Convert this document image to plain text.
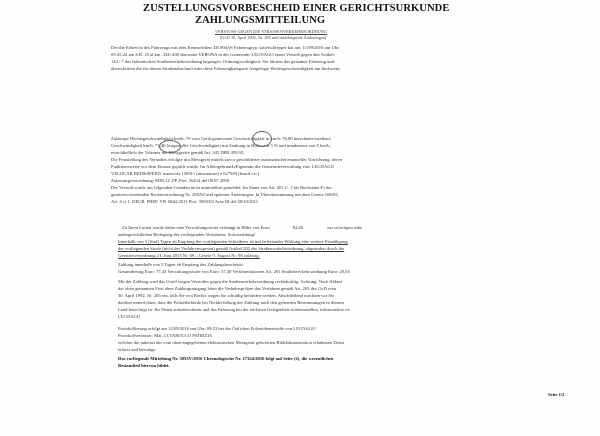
ZUSTELLUNGSVORBESCHEID EINER GERICHTSURKUNDE
ZAHLUNGSMITTEILUNG
VERSTOSS GEGEN DIE STRASSENVERKEHRSORDNUNG
(GvD 30. April 1992, Nr. 285 und nachfolgende Änderungen)
Der/die Fahrer/in des Fahrzeugs mit dem Kennzeichen: DL904AS Fahrzeugtyp: sattelschlepper hat am: 11/09/2016 um Uhr:
09:45:24 am S.R. 10 al km. 334+400 direzione VERONA in der Gemeinde: LEGNAGO einen Verstoß gegen den Artikel:
142 / 7 des Italienischen Straßenverkehrsordnung begangen. Ordnungswidrigkeit: Sie führten das genannte Fahrzeug und
überschritten die für diesen Straßenabschnitt oder diese Fahrzeugkategorie festgelegte Höchstgeschwindigkeit um höchstens
Zulässige Höchstgeschwindigkeit km/h: 70 vom Gerät gemessene Geschwindigkeit in km/h: 76,00 berechnete/strafbare
Geschwindigkeit km/h: 71,40 festgestellte Geschwindigkeit mit Senkung in Höhe von 5 % und mindestens von 5 km/h,
einschließlich der Toleranz der Messgeräte gemäß Art. 345 DPR 495/92.
Die Feststellung des Verstoßes erfolgte mit Messgerät mittels zuvor geschilderter automatischer/manueller Vorrichtung, deren
Funktionsweise vor dem Einsatz geprüft wurde. Im Alleingebrauch/Eigentum der Gemeindeverwaltung von: LEGNAGO
VELOCAR RED&SPEED, matricola 150911 (misuratore) e 627939 (board s.n.)
Zulassungsverordnung: MIN.LL.PP. Prot. 56214 del 08.07.2008
Der Verstoß wurde aus folgenden Gründen nicht unmittelbar gemeldet: Im Sinne von Art. 201 C. 1 bis Buchstabe F) der
gesetzesvertretenden Rechtsverordnung Nr. 285/92 und späteren Änderungen. In Übereinstimmung mit dem Gesetz 168/02,
Art. 4 c) 1. DECR. PREF. VR. 8642/2011 Prot. 3965/02 Area III del 28/10/2011
Zu Ihren Lasten wurde daher eine Verwaltungsstrafe verhängt in Höhe von Euro:	82,00	zur sofortigen oder
außergerichtlichen Beilegung des vorliegenden Verfahrens. Sofortzahlung!
Innerhalb von 5 (fünf) Tagen ab Empfang des vorliegenden Schreibens ist mit befreiender Wirkung eine weitere Ermäßigung
der vorliegenden Strafe (nicht der Verfahrensspesen) gemäß Artikel 202 der Straßenverkehrsordnung, abgeändert durch die
Gesetzesverordnung 21. Juni 2013 Nr. 69 – Gesetz 9. August Nr. 98 zulässig.
Zahlung innerhalb von 5 Tagen ab Empfang des Zahlungsbescheids:
Gesamtbetrag Euro: 77,43 Verwaltungsstrafe von Euro: 57,40 Verfahrenskosten Art. 201 Straßenverkehrsordnung Euro: 20,03
Mit der Zahlung wird das Urteil wegen Verstoßes gegen die Straßenverkehrsordnung rechtskräftig. Achtung: Nach Ablauf
der oben genannten Frist ohne Zahlungseingang leitet die Verkehrspolizei das Verfahren gemäß Art. 203 des GvD vom
30. April 1992, Nr. 285 ein, falls Sie von Rechts wegen für schuldig befunden werden. Abschließend möchten wir Sie
darüber unterrichten, dass die Polizeibehörde bei Nichterfüllung der Zahlung nach den geltenden Bestimmungen in diesem
Land berechtigt ist. Ihr Daten aufzubewahren und das Fahrzeug bei der nächsten Gelegenheit sicherzustellen, insbesondere in:
LEGNAGO
Protokollierung erfolgt am 12/09/2016 um Uhr: 09:53 bei der Örtlichen Polizeidienststelle von LEGNAGO
Protokollverfasser: Mat. 13 TAROCCO PATRIZIA
welcher die unbeirrt der vom oben angegebenen elektronischen Messgerät gelieferten Bilddokumentation erhaltenen Daten
erfasst und bestätigt.
Das vorliegende Mitteilung Nr. 3955V/2016 Chronologische Nr. 17324/2016 folgt auf Seite (2), die wesentlichen
Bestandteil hiervon bildet.
Seite 1/2
